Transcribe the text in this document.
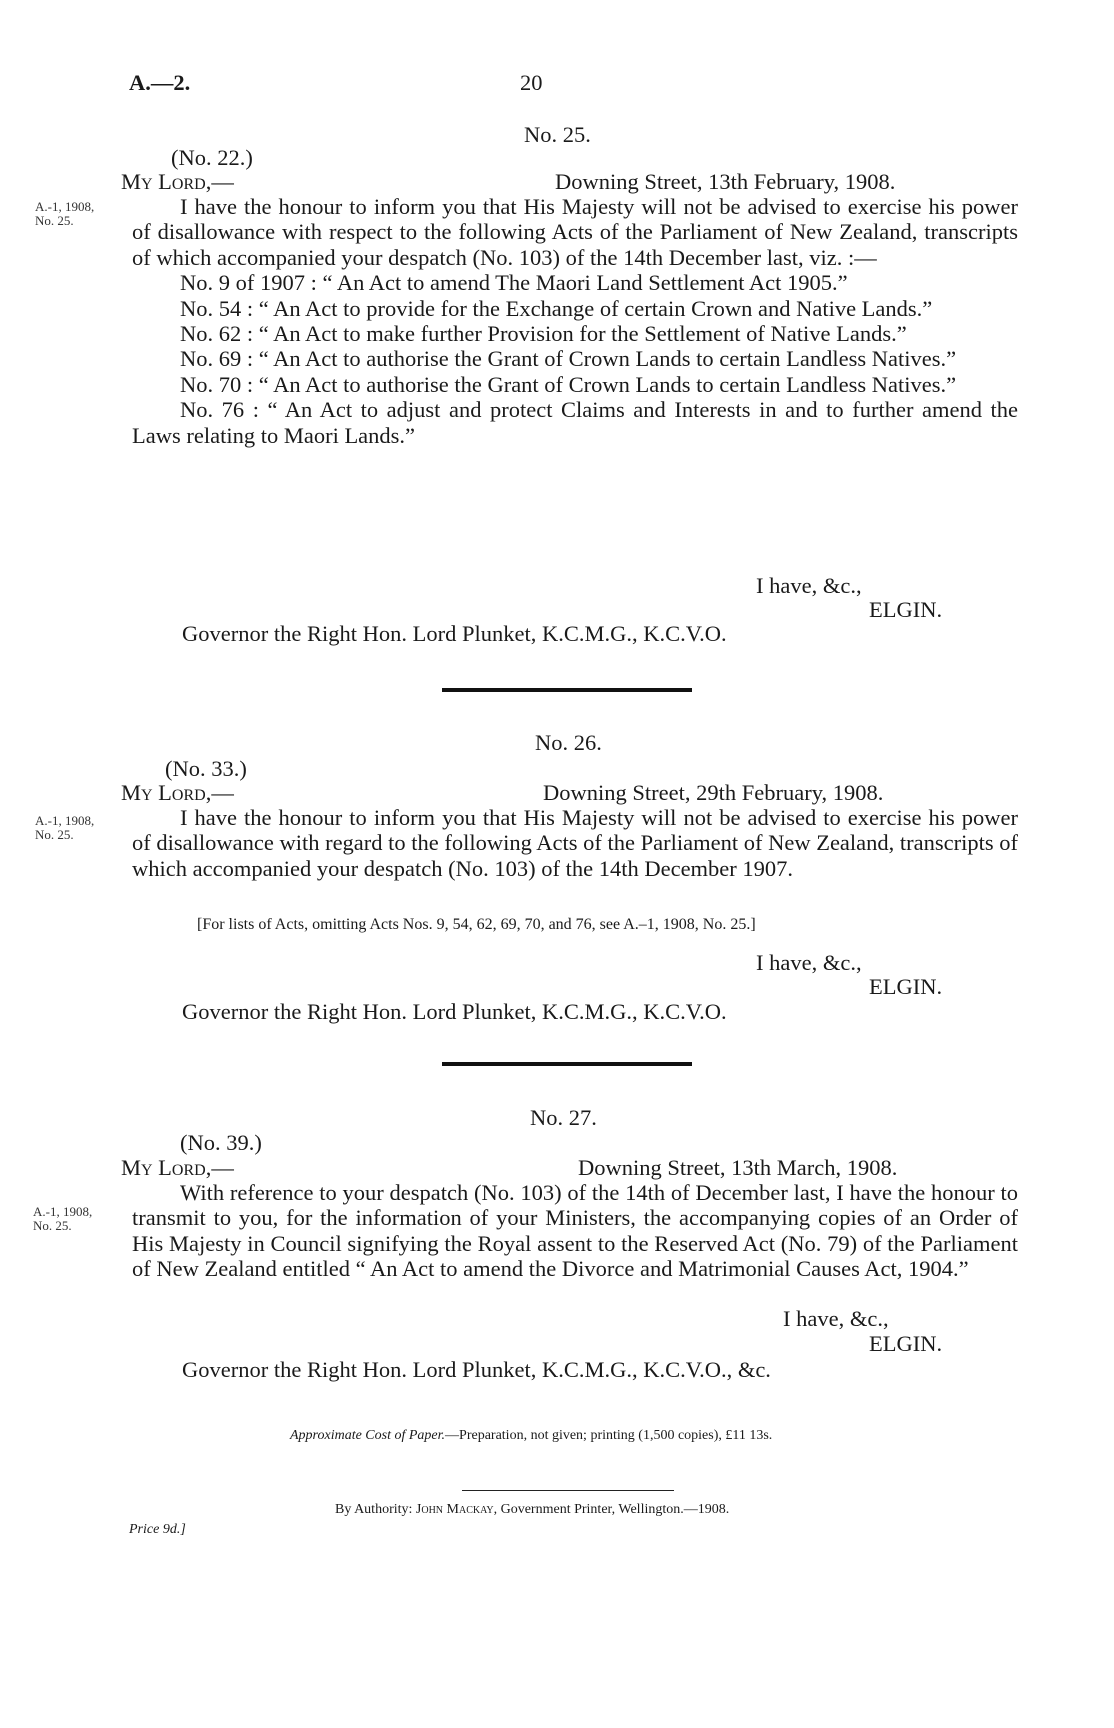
A.—2.	20
No. 25.
(No. 22.)
My Lord,—	Downing Street, 13th February, 1908.
A.-1, 1908,
No. 25.

I have the honour to inform you that His Majesty will not be advised to exercise his power of disallowance with respect to the following Acts of the Parliament of New Zealand, transcripts of which accompanied your despatch (No. 103) of the 14th December last, viz. :—

No. 9 of 1907 : “ An Act to amend The Maori Land Settlement Act 1905.”

No. 54 : “ An Act to provide for the Exchange of certain Crown and Native Lands.”

No. 62 : “ An Act to make further Provision for the Settlement of Native Lands.”

No. 69 : “ An Act to authorise the Grant of Crown Lands to certain Landless Natives.”

No. 70 : “ An Act to authorise the Grant of Crown Lands to certain Landless Natives.”

No. 76 : “ An Act to adjust and protect Claims and Interests in and to further amend the Laws relating to Maori Lands.”

I have, &c.,
ELGIN.
Governor the Right Hon. Lord Plunket, K.C.M.G., K.C.V.O.
No. 26.
(No. 33.)
My Lord,—	Downing Street, 29th February, 1908.
A.-1, 1908,
No. 25.

I have the honour to inform you that His Majesty will not be advised to exercise his power of disallowance with regard to the following Acts of the Parliament of New Zealand, transcripts of which accompanied your despatch (No. 103) of the 14th December 1907.

[For lists of Acts, omitting Acts Nos. 9, 54, 62, 69, 70, and 76, see A.–1, 1908, No. 25.]
I have, &c.,
ELGIN.
Governor the Right Hon. Lord Plunket, K.C.M.G., K.C.V.O.
No. 27.
(No. 39.)
My Lord,—	Downing Street, 13th March, 1908.
A.-1, 1908,
No. 25.

With reference to your despatch (No. 103) of the 14th of December last, I have the honour to transmit to you, for the information of your Ministers, the accompanying copies of an Order of His Majesty in Council signifying the Royal assent to the Reserved Act (No. 79) of the Parliament of New Zealand entitled “ An Act to amend the Divorce and Matrimonial Causes Act, 1904.”

I have, &c.,
ELGIN.
Governor the Right Hon. Lord Plunket, K.C.M.G., K.C.V.O., &c.
Approximate Cost of Paper.—Preparation, not given; printing (1,500 copies), £11 13s.
By Authority: John Mackay, Government Printer, Wellington.—1908.
Price 9d.]
